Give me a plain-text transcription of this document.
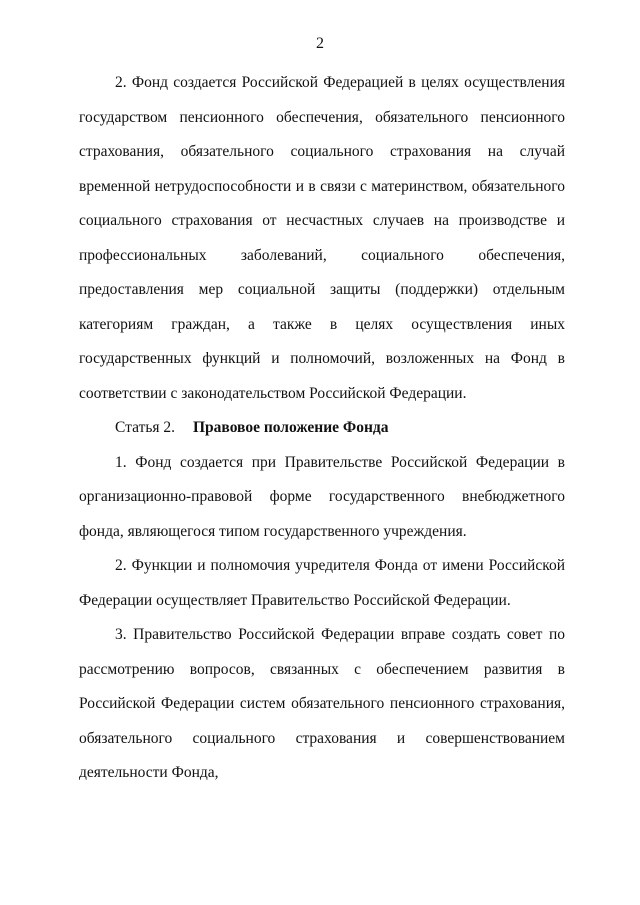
2

2. Фонд создается Российской Федерацией в целях осуществления государством пенсионного обеспечения, обязательного пенсионного страхования, обязательного социального страхования на случай временной нетрудоспособности и в связи с материнством, обязательного социального страхования от несчастных случаев на производстве и профессиональных заболеваний, социального обеспечения, предоставления мер социальной защиты (поддержки) отдельным категориям граждан, а также в целях осуществления иных государственных функций и полномочий, возложенных на Фонд в соответствии с законодательством Российской Федерации.

Статья 2. Правовое положение Фонда

1. Фонд создается при Правительстве Российской Федерации в организационно-правовой форме государственного внебюджетного фонда, являющегося типом государственного учреждения.

2. Функции и полномочия учредителя Фонда от имени Российской Федерации осуществляет Правительство Российской Федерации.

3. Правительство Российской Федерации вправе создать совет по рассмотрению вопросов, связанных с обеспечением развития в Российской Федерации систем обязательного пенсионного страхования, обязательного социального страхования и совершенствованием деятельности Фонда,
